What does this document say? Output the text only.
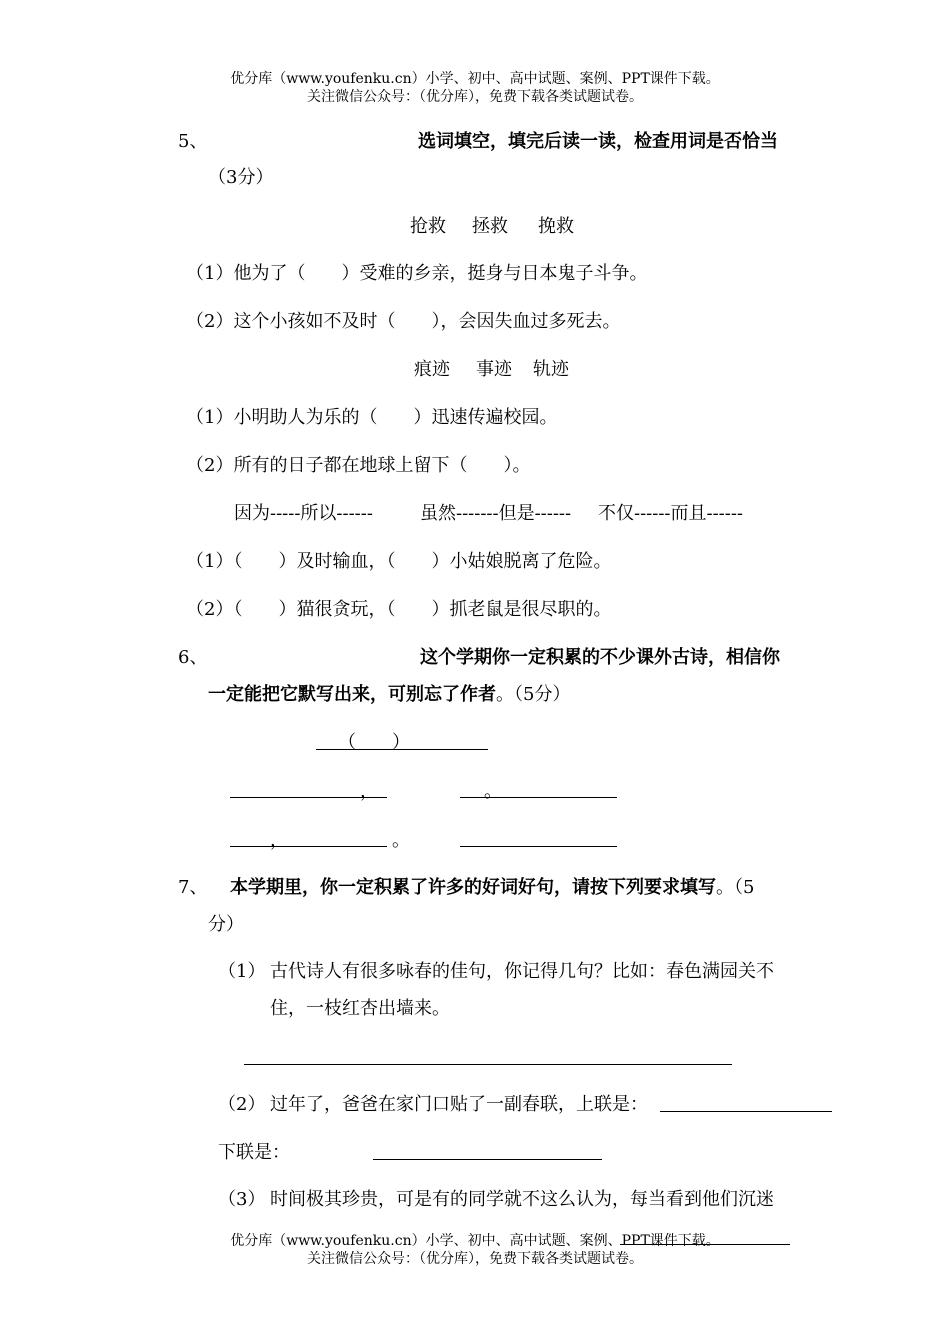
优分库（www.youfenku.cn）小学、初中、高中试题、案例、PPT课件下载。
关注微信公众号：（优分库），免费下载各类试题试卷。
5、	选词填空，填完后读一读，检查用词是否恰当
（3分）
抢救 拯救 挽救
（1）他为了（　　）受难的乡亲，挺身与日本鬼子斗争。
（2）这个小孩如不及时（　　），会因失血过多死去。
痕迹 事迹 轨迹
（1）小明助人为乐的（　　）迅速传遍校园。
（2）所有的日子都在地球上留下（　　）。
因为-----所以------	虽然-------但是------ 不仅------而且------
（1）（　　）及时输血，（　　）小姑娘脱离了危险。
（2）（　　）猫很贪玩，（　　）抓老鼠是很尽职的。
6、	这个学期你一定积累的不少课外古诗，相信你
一定能把它默写出来，可别忘了作者。（5分）
（　　）
，	。
，	。
7、 本学期里，你一定积累了许多的好词好句，请按下列要求填写。（5
分）
（1） 古代诗人有很多咏春的佳句，你记得几句？比如：春色满园关不
住，一枝红杏出墙来。
（2） 过年了，爸爸在家门口贴了一副春联，上联是：
下联是：
（3） 时间极其珍贵，可是有的同学就不这么认为，每当看到他们沉迷
优分库（www.youfenku.cn）小学、初中、高中试题、案例、PPT课件下载。
关注微信公众号：（优分库），免费下载各类试题试卷。
